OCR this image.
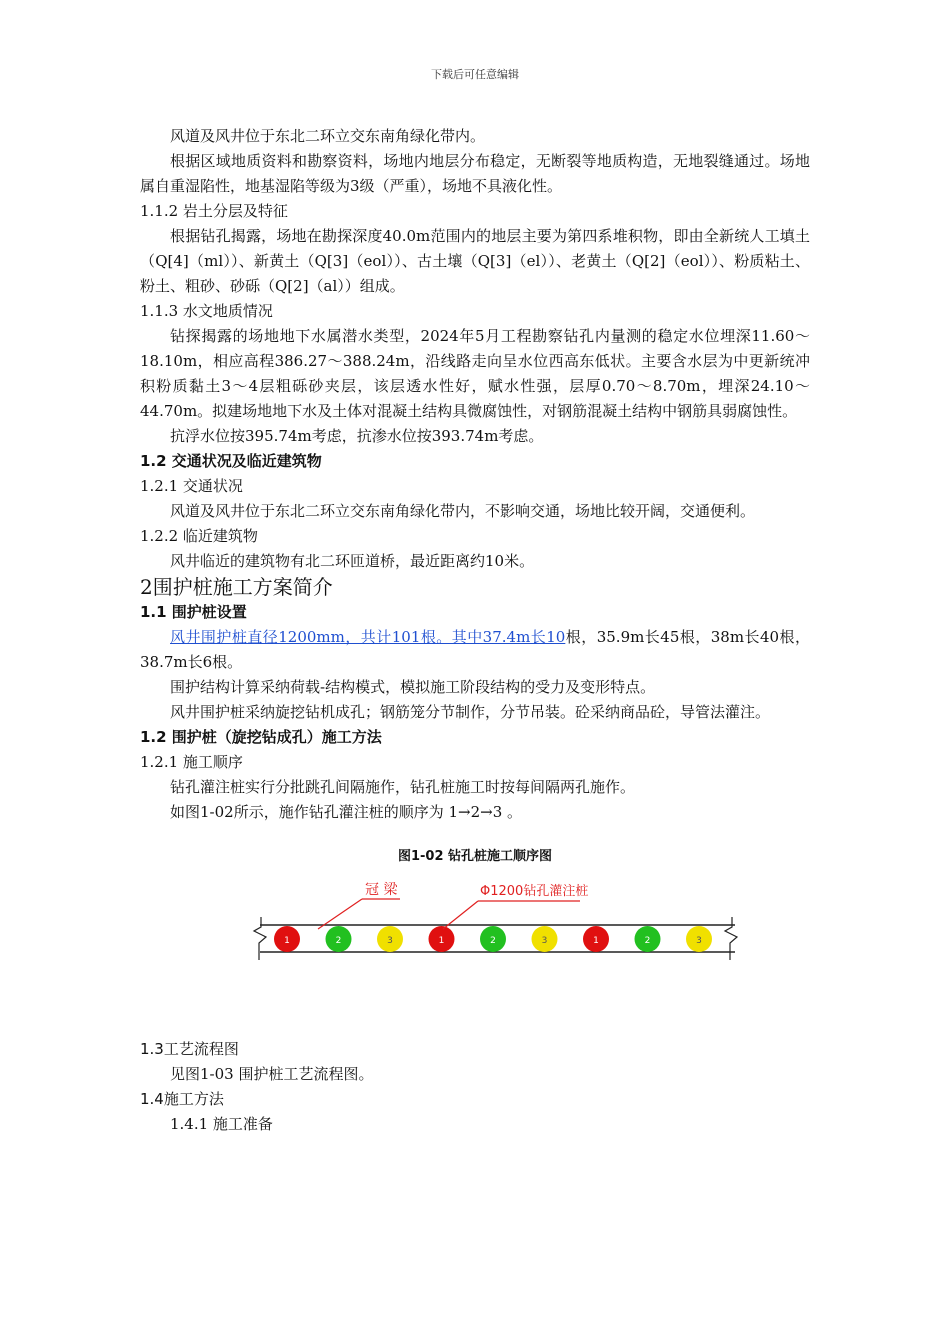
下载后可任意编辑

风道及风井位于东北二环立交东南角绿化带内。

根据区域地质资料和勘察资料，场地内地层分布稳定，无断裂等地质构造，无地裂缝通过。场地属自重湿陷性，地基湿陷等级为3级（严重），场地不具液化性。

1.1.2 岩土分层及特征

根据钻孔揭露，场地在勘探深度40.0m范围内的地层主要为第四系堆积物，即由全新统人工填土（Q[4]（ml））、新黄土（Q[3]（eol））、古土壤（Q[3]（el））、老黄土（Q[2]（eol））、粉质粘土、粉土、粗砂、砂砾（Q[2]（al））组成。

1.1.3 水文地质情况

钻探揭露的场地地下水属潜水类型，2024年5月工程勘察钻孔内量测的稳定水位埋深11.60～18.10m，相应高程386.27～388.24m，沿线路走向呈水位西高东低状。主要含水层为中更新统冲积粉质黏土3～4层粗砾砂夹层，该层透水性好，赋水性强，层厚0.70～8.70m，埋深24.10～44.70m。拟建场地地下水及土体对混凝土结构具微腐蚀性，对钢筋混凝土结构中钢筋具弱腐蚀性。

抗浮水位按395.74m考虑，抗渗水位按393.74m考虑。

1.2 交通状况及临近建筑物

1.2.1 交通状况

风道及风井位于东北二环立交东南角绿化带内，不影响交通，场地比较开阔，交通便利。

1.2.2 临近建筑物

风井临近的建筑物有北二环匝道桥，最近距离约10米。

2围护桩施工方案简介

1.1 围护桩设置

风井围护桩直径1200mm，共计101根。其中37.4m长10根，35.9m长45根，38m长40根，38.7m长6根。

围护结构计算采纳荷载-结构模式，模拟施工阶段结构的受力及变形特点。

风井围护桩采纳旋挖钻机成孔；钢筋笼分节制作，分节吊装。砼采纳商品砼，导管法灌注。

1.2 围护桩（旋挖钻成孔）施工方法

1.2.1 施工顺序

钻孔灌注桩实行分批跳孔间隔施作，钻孔桩施工时按每间隔两孔施作。

如图1-02所示，施作钻孔灌注桩的顺序为 1→2→3 。

图1-02 钻孔桩施工顺序图

1	2	3	1	2	3	1	2	3
冠 梁	Φ1200钻孔灌注桩

1.3工艺流程图

见图1-03 围护桩工艺流程图。

1.4施工方法

1.4.1 施工准备
